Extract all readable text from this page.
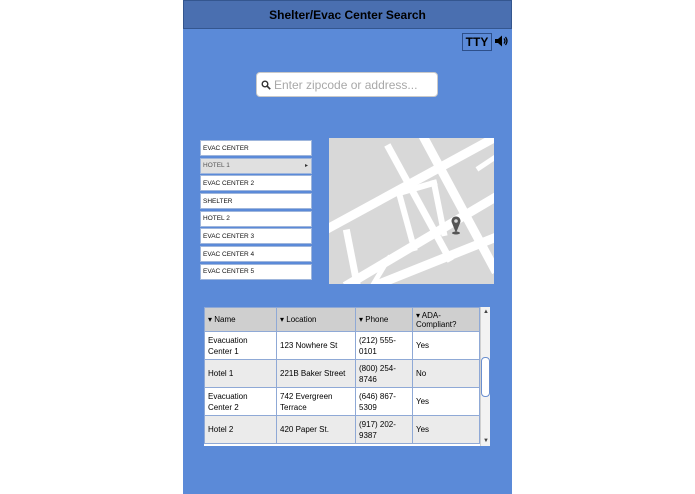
Shelter/Evac Center Search
TTY
Enter zipcode or address...
EVAC CENTER
HOTEL 1	▸
EVAC CENTER 2
SHELTER
HOTEL 2
EVAC CENTER 3
EVAC CENTER 4
EVAC CENTER 5
▾ Name	▾ Location	▾ Phone	▾ ADA-Compliant?
Evacuation Center 1	123 Nowhere St	(212) 555-0101	Yes
Hotel 1	221B Baker Street	(800) 254-8746	No
Evacuation Center 2	742 Evergreen Terrace	(646) 867-5309	Yes
Hotel 2	420 Paper St.	(917) 202-9387	Yes
▲
▼
